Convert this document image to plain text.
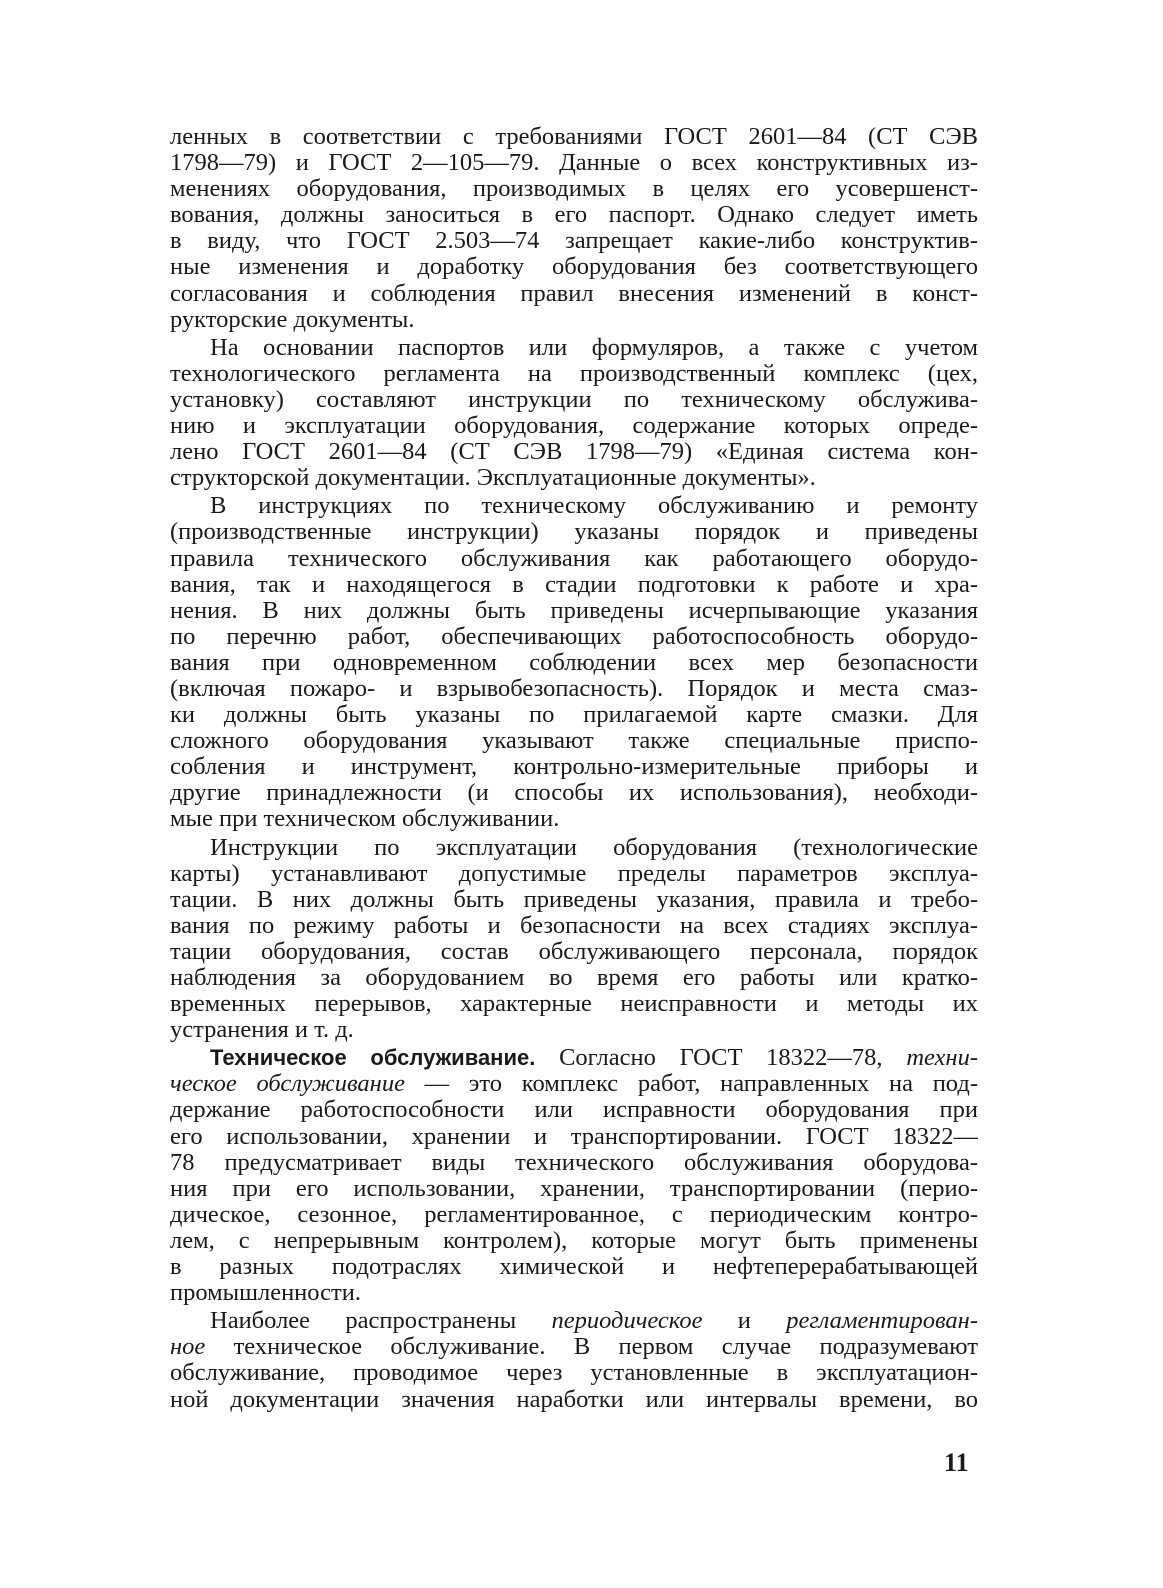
ленных в соответствии с требованиями ГОСТ 2601—84 (СТ СЭВ
1798—79) и ГОСТ 2—105—79. Данные о всех конструктивных из-
менениях оборудования, производимых в целях его усовершенст-
вования, должны заноситься в его паспорт. Однако следует иметь
в виду, что ГОСТ 2.503—74 запрещает какие-либо конструктив-
ные изменения и доработку оборудования без соответствующего
согласования и соблюдения правил внесения изменений в конст-
рукторские документы.
На основании паспортов или формуляров, а также с учетом
технологического регламента на производственный комплекс (цех,
установку) составляют инструкции по техническому обслужива-
нию и эксплуатации оборудования, содержание которых опреде-
лено ГОСТ 2601—84 (СТ СЭВ 1798—79) «Единая система кон-
структорской документации. Эксплуатационные документы».
В инструкциях по техническому обслуживанию и ремонту
(производственные инструкции) указаны порядок и приведены
правила технического обслуживания как работающего оборудо-
вания, так и находящегося в стадии подготовки к работе и хра-
нения. В них должны быть приведены исчерпывающие указания
по перечню работ, обеспечивающих работоспособность оборудо-
вания при одновременном соблюдении всех мер безопасности
(включая пожаро- и взрывобезопасность). Порядок и места смаз-
ки должны быть указаны по прилагаемой карте смазки. Для
сложного оборудования указывают также специальные приспо-
собления и инструмент, контрольно-измерительные приборы и
другие принадлежности (и способы их использования), необходи-
мые при техническом обслуживании.
Инструкции по эксплуатации оборудования (технологические
карты) устанавливают допустимые пределы параметров эксплуа-
тации. В них должны быть приведены указания, правила и требо-
вания по режиму работы и безопасности на всех стадиях эксплуа-
тации оборудования, состав обслуживающего персонала, порядок
наблюдения за оборудованием во время его работы или кратко-
временных перерывов, характерные неисправности и методы их
устранения и т. д.
Техническое обслуживание. Согласно ГОСТ 18322—78, техни-
ческое обслуживание — это комплекс работ, направленных на под-
держание работоспособности или исправности оборудования при
его использовании, хранении и транспортировании. ГОСТ 18322—
78 предусматривает виды технического обслуживания оборудова-
ния при его использовании, хранении, транспортировании (перио-
дическое, сезонное, регламентированное, с периодическим контро-
лем, с непрерывным контролем), которые могут быть применены
в разных подотраслях химической и нефтеперерабатывающей
промышленности.
Наиболее распространены периодическое и регламентирован-
ное техническое обслуживание. В первом случае подразумевают
обслуживание, проводимое через установленные в эксплуатацион-
ной документации значения наработки или интервалы времени, во
11
